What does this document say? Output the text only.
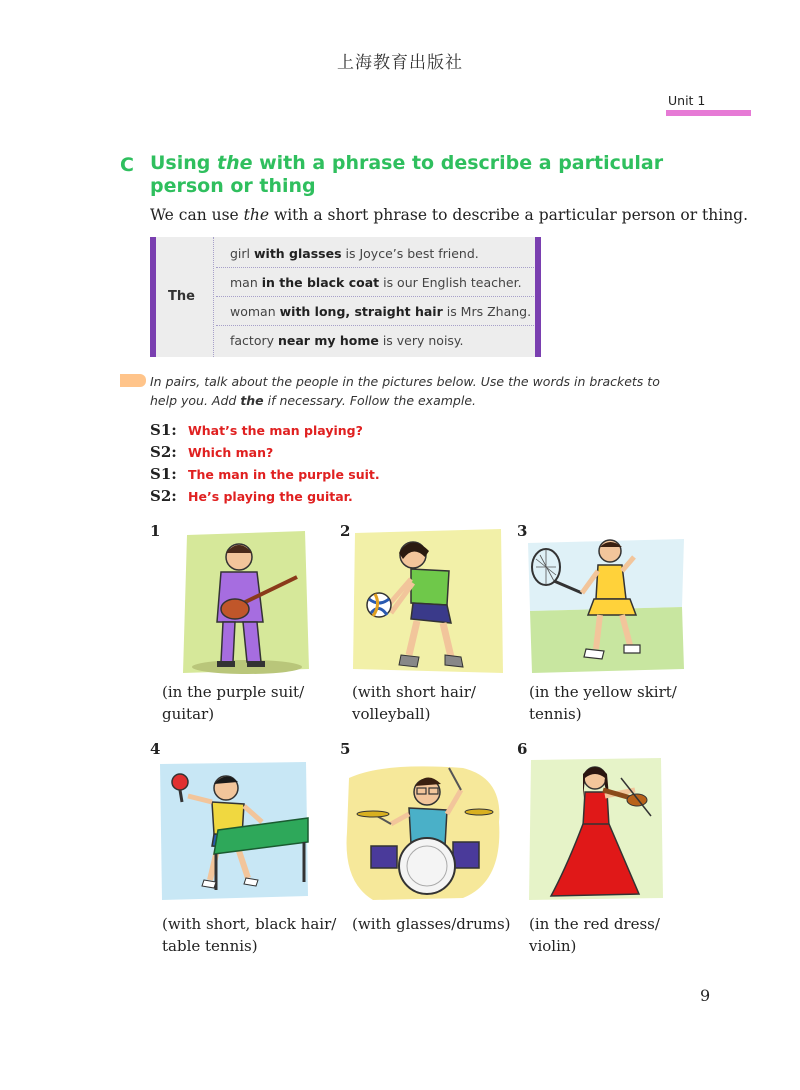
上海教育出版社
Unit 1
C Using the with a phrase to describe a particular person or thing
We can use the with a short phrase to describe a particular person or thing.
The
girl with glasses is Joyce’s best friend.
man in the black coat is our English teacher.
woman with long, straight hair is Mrs Zhang.
factory near my home is very noisy.
In pairs, talk about the people in the pictures below. Use the words in brackets to help you. Add the if necessary. Follow the example.
S1: What’s the man playing?
S2: Which man?
S1: The man in the purple suit.
S2: He’s playing the guitar.
1
(in the purple suit/
guitar)
2
(with short hair/
volleyball)
3
(in the yellow skirt/
tennis)
4
(with short, black hair/
table tennis)
5
(with glasses/drums)
6
(in the red dress/
violin)
9
